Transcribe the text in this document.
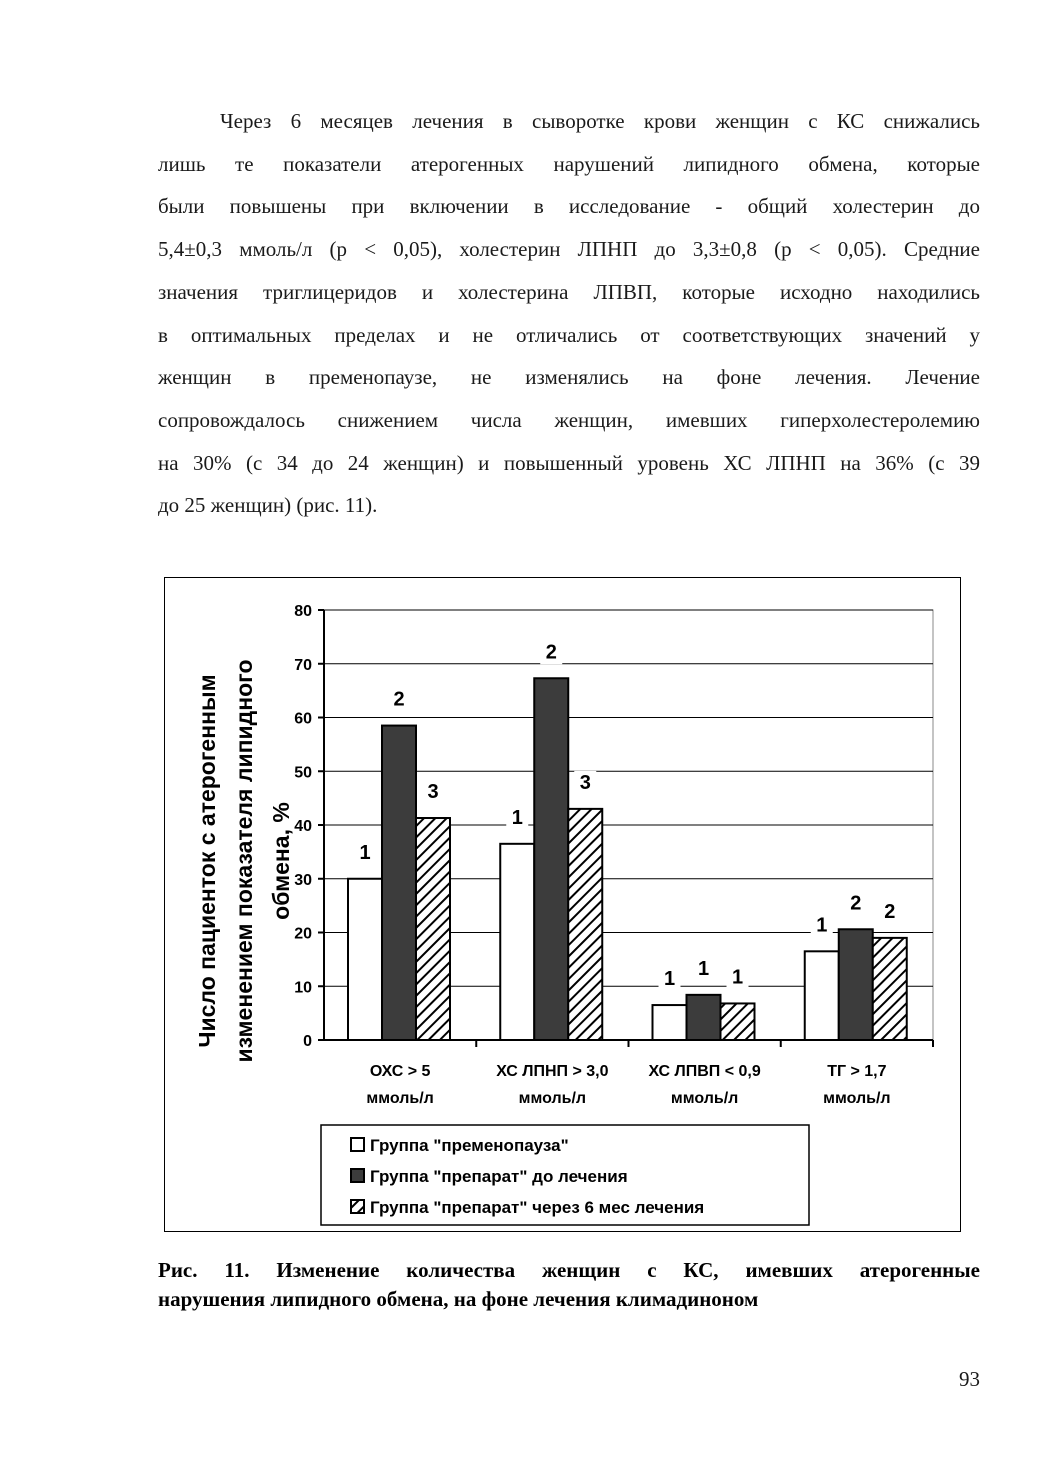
Через 6 месяцев лечения в сыворотке крови женщин с КС снижались
лишь те показатели атерогенных нарушений липидного обмена, которые
были повышены при включении в исследование - общий холестерин до
5,4±0,3 ммоль/л (р < 0,05), холестерин ЛПНП до 3,3±0,8 (р < 0,05). Средние
значения триглицеридов и холестерина ЛПВП, которые исходно находились
в оптимальных пределах и не отличались от соответствующих значений у
женщин в пременопаузе, не изменялись на фоне лечения. Лечение
сопровождалось снижением числа женщин, имевших гиперхолестеролемию
на 30% (с 34 до 24 женщин) и повышенный уровень ХС ЛПНП на 36% (с 39
до 25 женщин) (рис. 11).

0
10
20
30
40
50
60
70
80
ОХС > 5
ммоль/л
ХС ЛПНП > 3,0
ммоль/л
ХС ЛПВП < 0,9
ммоль/л
ТГ > 1,7
ммоль/л
Число пациенток с атерогенным изменением показателя липидного обмена, %	1
2
3
1
2
3
1 1 1
1
2 2
Группа "пременопауза"
Группа "препарат" до лечения
Группа "препарат" через 6 мес лечения

Рис. 11. Изменение количества женщин с КС, имевших атерогенные
нарушения липидного обмена, на фоне лечения климадиноном

93
